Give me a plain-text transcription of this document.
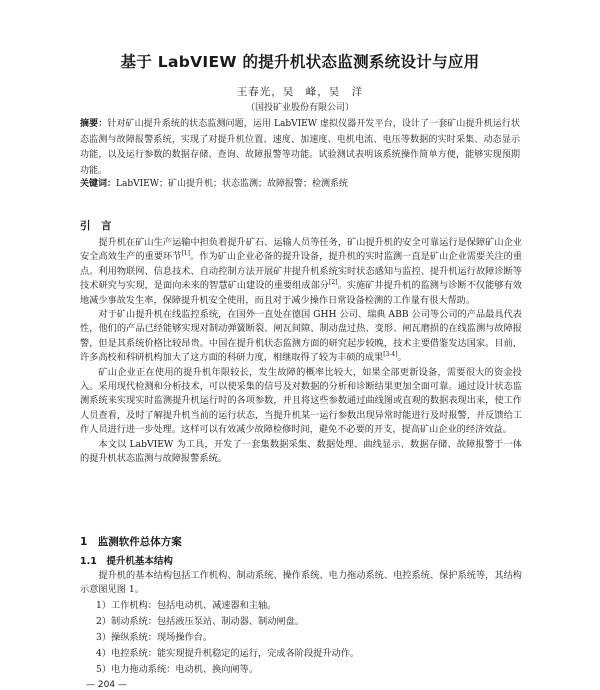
基于 LabVIEW 的提升机状态监测系统设计与应用
王春光，吴　峰，吴　洋
（国投矿业股份有限公司）
摘要：针对矿山提升系统的状态监测问题，运用 LabVIEW 虚拟仪器开发平台，设计了一套矿山提升机运行状态监测与故障报警系统，实现了对提升机位置、速度、加速度、电机电流、电压等数据的实时采集、动态显示功能，以及运行参数的数据存储、查询、故障报警等功能。试验测试表明该系统操作简单方便，能够实现预期功能。
关键词：LabVIEW；矿山提升机；状态监测；故障报警；检测系统
引　言

提升机在矿山生产运输中担负着提升矿石、运输人员等任务，矿山提升机的安全可靠运行是保障矿山企业安全高效生产的重要环节[1]。作为矿山企业必备的提升设备，提升机的实时监测一直是矿山企业需要关注的重点。利用物联网、信息技术、自动控制方法开展矿井提升机系统实时状态感知与监控、提升机运行故障诊断等技术研究与实现，是面向未来的智慧矿山建设的重要组成部分[2]。实施矿井提升机的监测与诊断不仅能够有效地减少事故发生率，保障提升机安全使用，而且对于减少操作日常设备检测的工作量有很大帮助。

对于矿山提升机在线监控系统，在国外一直处在德国 GHH 公司、瑞典 ABB 公司等公司的产品最具代表性，他们的产品已经能够实现对制动弹簧断裂、闸瓦间隙、制动盘过热、变形、闸瓦磨损的在线监测与故障报警，但是其系统价格比较昂贵。中国在提升机状态监测方面的研究起步较晚，技术主要借鉴发达国家。目前，许多高校和科研机构加大了这方面的科研力度，相继取得了较为丰硕的成果[3-4]。

矿山企业正在使用的提升机年限较长，发生故障的概率比较大，如果全部更新设备，需要很大的资金投入。采用现代检测和分析技术，可以使采集的信号及对数据的分析和诊断结果更加全面可靠。通过设计状态监测系统来实现实时监测提升机运行时的各项参数，并且将这些参数通过曲线图或直观的数据表现出来，使工作人员查看，及时了解提升机当前的运行状态，当提升机某一运行参数出现异常时能进行及时报警，并反馈给工作人员进行进一步处理。这样可以有效减少故障检修时间，避免不必要的开支，提高矿山企业的经济效益。

本文以 LabVIEW 为工具，开发了一套集数据采集、数据处理、曲线显示、数据存储、故障报警于一体的提升机状态监测与故障报警系统。

1　监测软件总体方案
1.1　提升机基本结构

提升机的基本结构包括工作机构、制动系统、操作系统、电力拖动系统、电控系统、保护系统等，其结构示意图见图 1。

1）工作机构：包括电动机、减速器和主轴。
2）制动系统：包括液压泵站、制动器、制动闸盘。
3）操纵系统：现场操作台。
4）电控系统：能实现提升机稳定的运行，完成各阶段提升动作。
5）电力拖动系统：电动机、换向闸等。
— 204 —
